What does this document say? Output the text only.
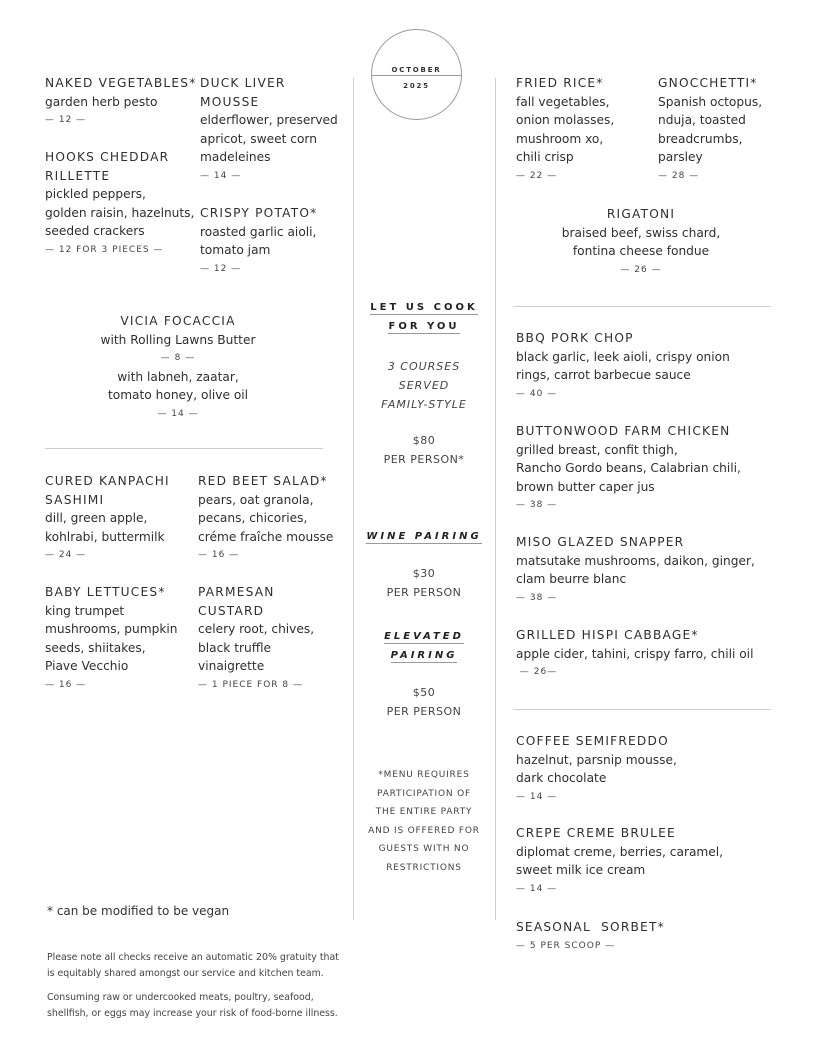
OCTOBER
2025
NAKED VEGETABLES*
garden herb pesto
— 12 —
HOOKS CHEDDAR
RILLETTE
pickled peppers,
golden raisin, hazelnuts,
seeded crackers
— 12 FOR 3 PIECES —
DUCK LIVER
MOUSSE
elderflower, preserved
apricot, sweet corn
madeleines
— 14 —
CRISPY POTATO*
roasted garlic aioli,
tomato jam
— 12 —
VICIA FOCACCIA
with Rolling Lawns Butter
— 8 —
with labneh, zaatar,
tomato honey, olive oil
— 14 —
CURED KANPACHI
SASHIMI
dill, green apple,
kohlrabi, buttermilk
— 24 —
BABY LETTUCES*
king trumpet
mushrooms, pumpkin
seeds, shiitakes,
Piave Vecchio
— 16 —
RED BEET SALAD*
pears, oat granola,
pecans, chicories,
créme fraîche mousse
— 16 —
PARMESAN
CUSTARD
celery root, chives,
black truffle
vinaigrette
— 1 PIECE FOR 8 —
* can be modified to be vegan
Please note all checks receive an automatic 20% gratuity that
is equitably shared amongst our service and kitchen team.
Consuming raw or undercooked meats, poultry, seafood,
shellfish, or eggs may increase your risk of food-borne illness.
LET US COOK
FOR YOU
3 COURSES
SERVED
FAMILY-STYLE
$80
PER PERSON*
WINE PAIRING
$30
PER PERSON
ELEVATED
PAIRING
$50
PER PERSON
*MENU REQUIRES
PARTICIPATION OF
THE ENTIRE PARTY
AND IS OFFERED FOR
GUESTS WITH NO
RESTRICTIONS
FRIED RICE*
fall vegetables,
onion molasses,
mushroom xo,
chili crisp
— 22 —
GNOCCHETTI*
Spanish octopus,
nduja, toasted
breadcrumbs,
parsley
— 28 —
RIGATONI
braised beef, swiss chard,
fontina cheese fondue
— 26 —
BBQ PORK CHOP
black garlic, leek aioli, crispy onion
rings, carrot barbecue sauce
— 40 —
BUTTONWOOD FARM CHICKEN
grilled breast, confit thigh,
Rancho Gordo beans, Calabrian chili,
brown butter caper jus
— 38 —
MISO GLAZED SNAPPER
matsutake mushrooms, daikon, ginger,
clam beurre blanc
— 38 —
GRILLED HISPI CABBAGE*
apple cider, tahini, crispy farro, chili oil
— 26—
COFFEE SEMIFREDDO
hazelnut, parsnip mousse,
dark chocolate
— 14 —
CREPE CREME BRULEE
diplomat creme, berries, caramel,
sweet milk ice cream
— 14 —
SEASONAL  SORBET*
— 5 PER SCOOP —
